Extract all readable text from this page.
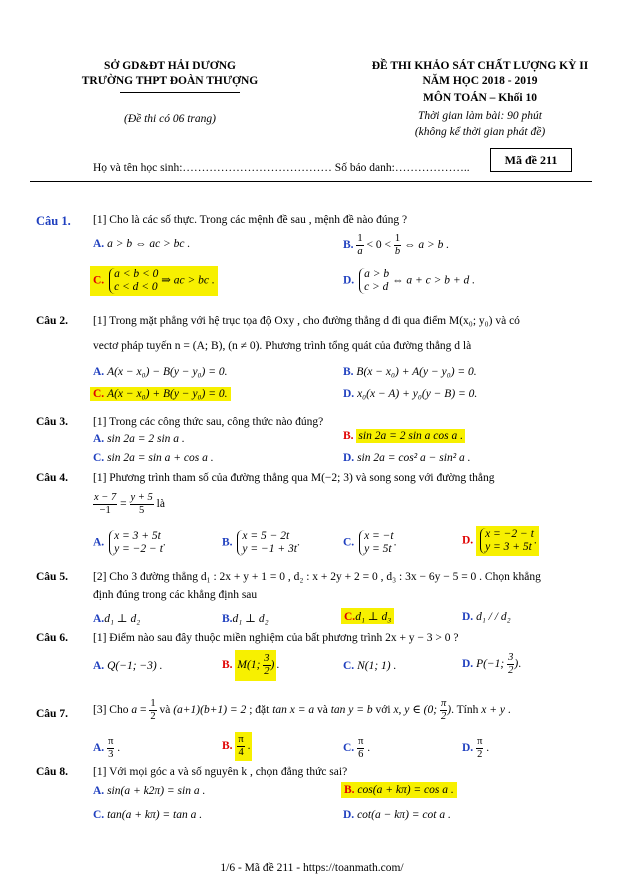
SỞ GD&ĐT HẢI DƯƠNG
TRƯỜNG THPT ĐOÀN THƯỢNG
(Đề thi có 06 trang)
ĐỀ THI KHẢO SÁT CHẤT LƯỢNG KỲ II
NĂM HỌC 2018 - 2019
MÔN TOÁN – Khối 10
Thời gian làm bài: 90 phút
(không kể thời gian phát đề)
Mã đề 211
Họ và tên học sinh:………………………………… Số báo danh:………………..
Câu 1. [1] Cho là các số thực. Trong các mệnh đề sau , mệnh đề nào đúng ?
A. a > b ⇔ ac > bc .	B. $\frac{1}{a} < 0 < \frac{1}{b}$ ⇔ a > b .
C. a < b < 0
c < d < 0 ⇒ ac > bc .	D. a > b
c > d ⇔ a + c > b + d .
Câu 2. [1] Trong mặt phẳng với hệ trục tọa độ Oxy , cho đường thẳng d đi qua điểm M(x₀; y₀) và có
vectơ pháp tuyến n = (A; B), (n ≠ 0). Phương trình tổng quát của đường thẳng d là
A. A(x − x₀) − B(y − y₀) = 0.	B. B(x − x₀) + A(y − y₀) = 0.
C. A(x − x₀) + B(y − y₀) = 0.	D. x₀(x − A) + y₀(y − B) = 0.
Câu 3. [1] Trong các công thức sau, công thức nào đúng?
A. sin 2a = 2 sin a .	B. sin 2a = 2 sin a cos a .
C. sin 2a = sin a + cos a .	D. sin 2a = cos² a − sin² a .
Câu 4. [1] Phương trình tham số của đường thẳng qua M(−2; 3) và song song với đường thẳng
$\frac{x - 7}{-1} = \frac{y + 5}{5}$ là
A. x = 3 + 5t
y = −2 − t.	B. x = 5 − 2t
y = −1 + 3t.	C. x = −t
y = 5t.	D. x = −2 − t
y = 3 + 5t.
Câu 5. [2] Cho 3 đường thẳng d₁ : 2x + y + 1 = 0 , d₂ : x + 2y + 2 = 0 , d₃ : 3x − 6y − 5 = 0 . Chọn khẳng
định đúng trong các khẳng định sau
A.d₁ ⊥ d₂	B.d₁ ⊥ d₂	C.d₁ ⊥ d₃	D. d₁ / / d₂
Câu 6. [1] Điểm nào sau đây thuộc miền nghiệm của bất phương trình 2x + y − 3 > 0 ?
A. Q(−1; −3) .	B. M(1; $\frac{3}{2}$ ) .	C. N(1; 1) .	D. P(−1; $\frac{3}{2}$ ).
Câu 7. [3] Cho $a = \frac{1}{2}$ và (a+1)(b+1) = 2 ; đặt tan x = a và tan y = b với x, y ∈ (0; $\frac{\pi}{2}$ ). Tính x + y .
A. $\frac{\pi}{3}$ .	B. $\frac{\pi}{4}$ .	C. $\frac{\pi}{6}$ .	D. $\frac{\pi}{2}$ .
Câu 8. [1] Với mọi góc a và số nguyên k , chọn đẳng thức sai?
A. sin(a + k2π) = sin a .	B. cos(a + kπ) = cos a .
C. tan(a + kπ) = tan a .	D. cot(a − kπ) = cot a .
1/6 - Mã đề 211 - https://toanmath.com/
